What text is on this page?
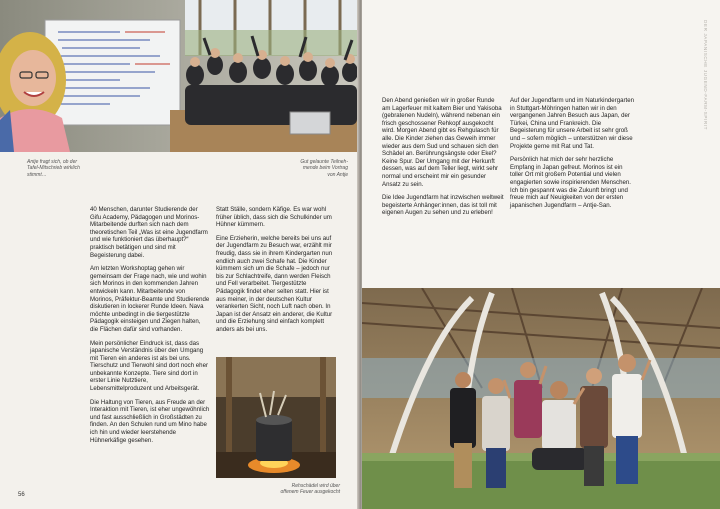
Antje fragt sich, ob der
Tafel-Mitschrieb wirklich
stimmt…
Gut gelaunte Teilneh-
mende beim Vortrag
von Antje

40 Menschen, darunter Studierende der Gifu Academy, Pädagogen und Morinos-Mitarbeitende durften sich nach dem theoretischen Teil „Was ist eine Jugendfarm und wie funktioniert das überhaupt?“ praktisch betätigen und sind mit Begeisterung dabei.

Am letzten Workshoptag gehen wir gemeinsam der Frage nach, wie und wohin sich Morinos in den kommenden Jahren entwickeln kann. Mitarbeitende von Morinos, Präfektur-Beamte und Studierende diskutieren in lockerer Runde Ideen. Nava möchte unbedingt in die tiergestützte Pädagogik einsteigen und Ziegen halten, die Flächen dafür sind vorhanden.

Mein persönlicher Eindruck ist, dass das japanische Verständnis über den Umgang mit Tieren ein anderes ist als bei uns. Tierschutz und Tierwohl sind dort noch eher unbekannte Konzepte. Tiere sind dort in erster Linie Nutztiere, Lebensmittelproduzent und Arbeitsgerät.

Die Haltung von Tieren, aus Freude an der Interaktion mit Tieren, ist eher ungewöhnlich und fast ausschließlich in Großstädten zu finden. An den Schulen rund um Mino habe ich hin und wieder leerstehende Hühnerkäfige gesehen.

Statt Ställe, sondern Käfige. Es war wohl früher üblich, dass sich die Schulkinder um Hühner kümmern.

Eine Erzieherin, welche bereits bei uns auf der Jugendfarm zu Besuch war, erzählt mir freudig, dass sie in ihrem Kindergarten nun endlich auch zwei Schafe hat. Die Kinder kümmern sich um die Schafe – jedoch nur bis zur Schlachtreife, dann werden Fleisch und Fell verarbeitet. Tiergestützte Pädagogik findet eher selten statt. Hier ist aus meiner, in der deutschen Kultur verankerten Sicht, noch Luft nach oben. In Japan ist der Ansatz ein anderer, die Kultur und die Erziehung sind einfach komplett anders als bei uns.

Rehschädel wird über
offenem Feuer ausgekocht
56
DER JAPANISCHE JUGEND-FARM-SPIRIT

Den Abend genießen wir in großer Runde am Lagerfeuer mit kaltem Bier und Yakisoba (gebratenen Nudeln), während nebenan ein frisch geschossener Rehkopf ausgekocht wird. Morgen Abend gibt es Rehgulasch für alle. Die Kinder ziehen das Geweih immer wieder aus dem Sud und schauen sich den Schädel an. Berührungsängste oder Ekel? Keine Spur. Der Umgang mit der Herkunft dessen, was auf dem Teller liegt, wirkt sehr normal und erscheint mir ein gesunder Ansatz zu sein.

Die Idee Jugendfarm hat inzwischen weltweit begeisterte Anhänger:innen, das ist toll mit eigenen Augen zu sehen und zu erleben!

Auf der Jugendfarm und im Naturkindergarten in Stuttgart-Möhringen hatten wir in den vergangenen Jahren Besuch aus Japan, der Türkei, China und Frankreich. Die Begeisterung für unsere Arbeit ist sehr groß und – sofern möglich – unterstützen wir diese Projekte gerne mit Rat und Tat.

Persönlich hat mich der sehr herzliche Empfang in Japan gefreut. Morinos ist ein toller Ort mit großem Potential und vielen engagierten sowie inspirierenden Menschen. Ich bin gespannt was die Zukunft bringt und freue mich auf Neuigkeiten von der ersten japanischen Jugendfarm – Antje-San.
